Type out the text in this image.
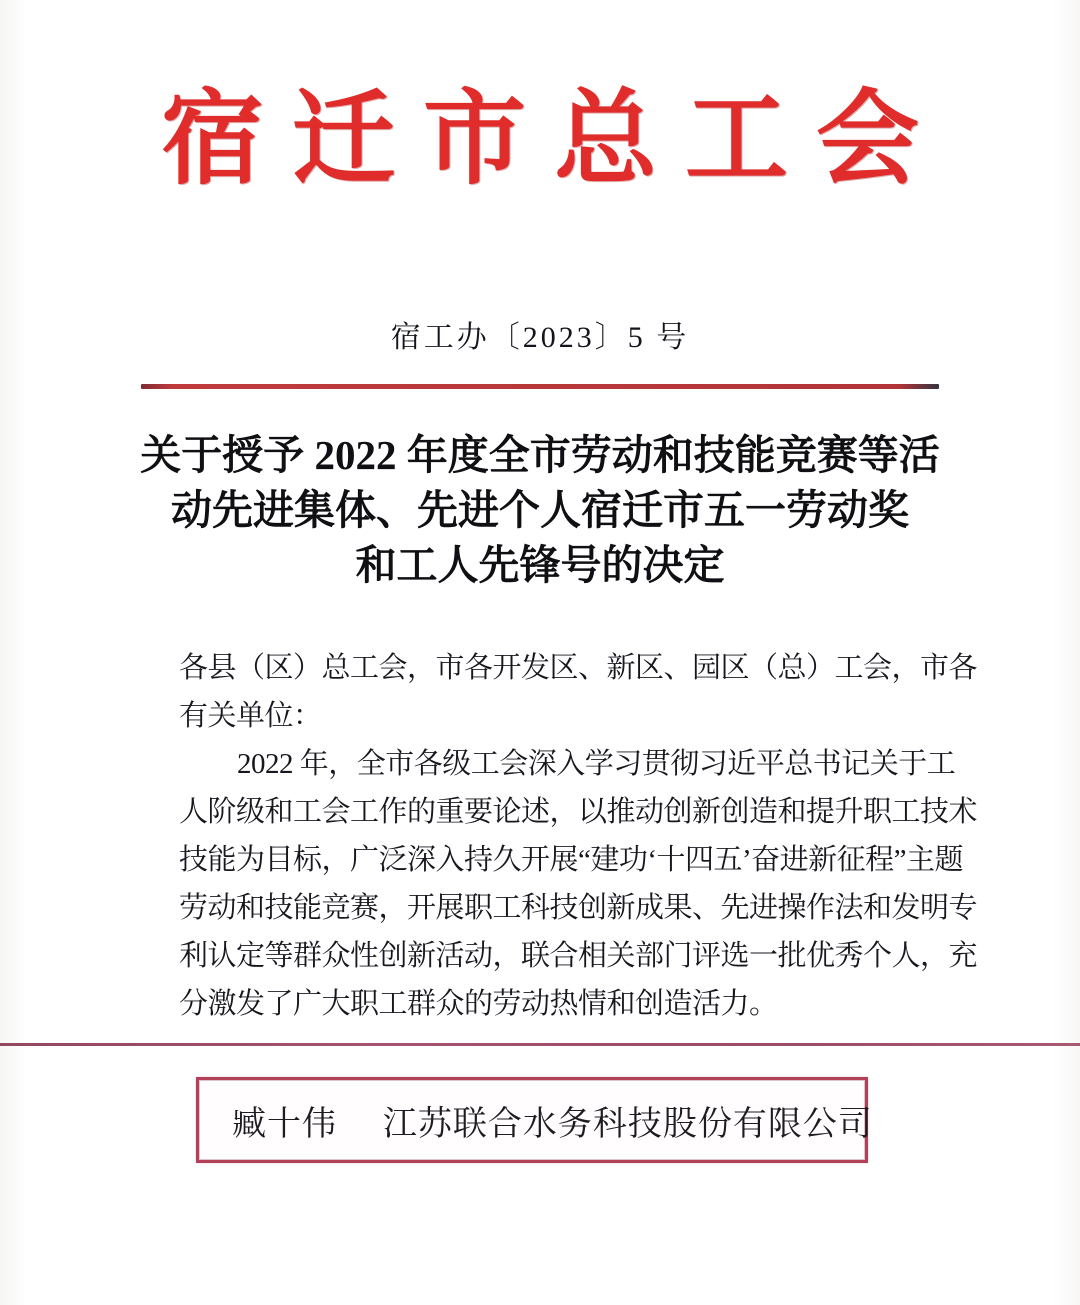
宿迁市总工会
宿工办〔2023〕5 号
关于授予 2022 年度全市劳动和技能竞赛等活
动先进集体、先进个人宿迁市五一劳动奖
和工人先锋号的决定

各县（区）总工会，市各开发区、新区、园区（总）工会，市各

有关单位：

2022 年，全市各级工会深入学习贯彻习近平总书记关于工

人阶级和工会工作的重要论述，以推动创新创造和提升职工技术

技能为目标，广泛深入持久开展“建功‘十四五’奋进新征程”主题

劳动和技能竞赛，开展职工科技创新成果、先进操作法和发明专

利认定等群众性创新活动，联合相关部门评选一批优秀个人，充

分激发了广大职工群众的劳动热情和创造活力。

臧十伟 江苏联合水务科技股份有限公司
